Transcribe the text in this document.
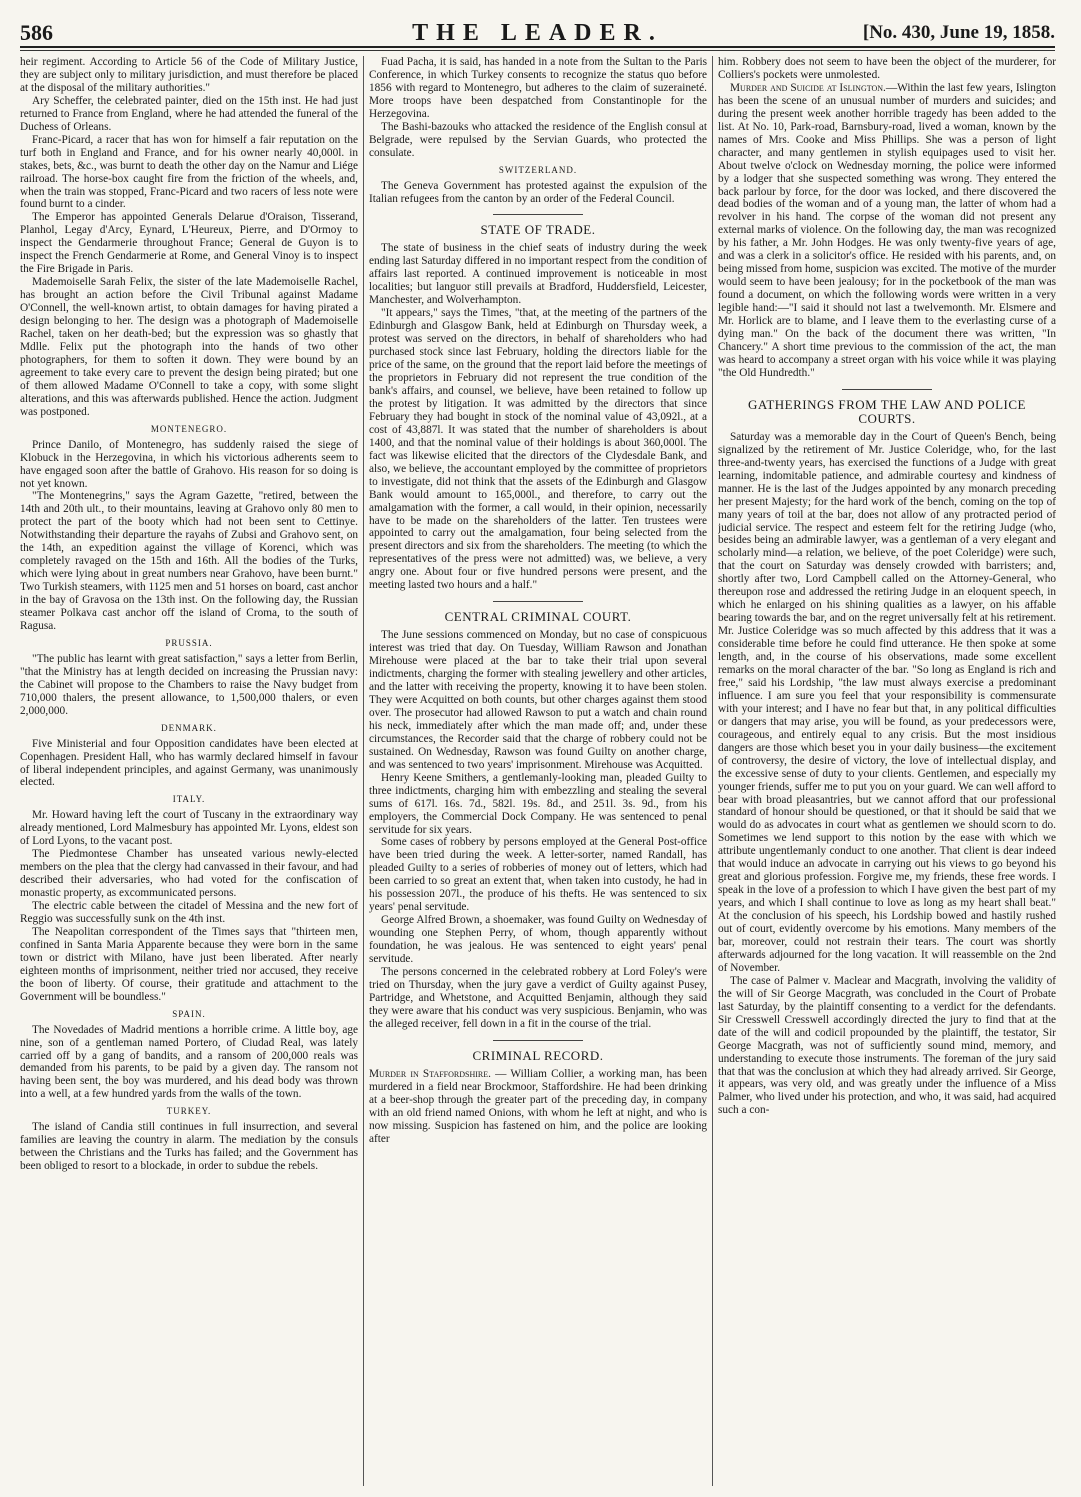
586	THE LEADER.	[No. 430, June 19, 1858.

heir regiment. According to Article 56 of the Code of Military Justice, they are subject only to military jurisdiction, and must therefore be placed at the disposal of the military authorities."

Ary Scheffer, the celebrated painter, died on the 15th inst. He had just returned to France from England, where he had attended the funeral of the Duchess of Orleans.

Franc-Picard, a racer that has won for himself a fair reputation on the turf both in England and France, and for his owner nearly 40,000l. in stakes, bets, &c., was burnt to death the other day on the Namur and Liége railroad. The horse-box caught fire from the friction of the wheels, and, when the train was stopped, Franc-Picard and two racers of less note were found burnt to a cinder.

The Emperor has appointed Generals Delarue d'Oraison, Tisserand, Planhol, Legay d'Arcy, Eynard, L'Heureux, Pierre, and D'Ormoy to inspect the Gendarmerie throughout France; General de Guyon is to inspect the French Gendarmerie at Rome, and General Vinoy is to inspect the Fire Brigade in Paris.

Mademoiselle Sarah Felix, the sister of the late Mademoiselle Rachel, has brought an action before the Civil Tribunal against Madame O'Connell, the well-known artist, to obtain damages for having pirated a design belonging to her. The design was a photograph of Mademoiselle Rachel, taken on her death-bed; but the expression was so ghastly that Mdlle. Felix put the photograph into the hands of two other photographers, for them to soften it down. They were bound by an agreement to take every care to prevent the design being pirated; but one of them allowed Madame O'Connell to take a copy, with some slight alterations, and this was afterwards published. Hence the action. Judgment was postponed.

MONTENEGRO.

Prince Danilo, of Montenegro, has suddenly raised the siege of Klobuck in the Herzegovina, in which his victorious adherents seem to have engaged soon after the battle of Grahovo. His reason for so doing is not yet known.

"The Montenegrins," says the Agram Gazette, "retired, between the 14th and 20th ult., to their mountains, leaving at Grahovo only 80 men to protect the part of the booty which had not been sent to Cettinye. Notwithstanding their departure the rayahs of Zubsi and Grahovo sent, on the 14th, an expedition against the village of Korenci, which was completely ravaged on the 15th and 16th. All the bodies of the Turks, which were lying about in great numbers near Grahovo, have been burnt." Two Turkish steamers, with 1125 men and 51 horses on board, cast anchor in the bay of Gravosa on the 13th inst. On the following day, the Russian steamer Polkava cast anchor off the island of Croma, to the south of Ragusa.

PRUSSIA.

"The public has learnt with great satisfaction," says a letter from Berlin, "that the Ministry has at length decided on increasing the Prussian navy: the Cabinet will propose to the Chambers to raise the Navy budget from 710,000 thalers, the present allowance, to 1,500,000 thalers, or even 2,000,000.

DENMARK.

Five Ministerial and four Opposition candidates have been elected at Copenhagen. President Hall, who has warmly declared himself in favour of liberal independent principles, and against Germany, was unanimously elected.

ITALY.

Mr. Howard having left the court of Tuscany in the extraordinary way already mentioned, Lord Malmesbury has appointed Mr. Lyons, eldest son of Lord Lyons, to the vacant post.

The Piedmontese Chamber has unseated various newly-elected members on the plea that the clergy had canvassed in their favour, and had described their adversaries, who had voted for the confiscation of monastic property, as excommunicated persons.

The electric cable between the citadel of Messina and the new fort of Reggio was successfully sunk on the 4th inst.

The Neapolitan correspondent of the Times says that "thirteen men, confined in Santa Maria Apparente because they were born in the same town or district with Milano, have just been liberated. After nearly eighteen months of imprisonment, neither tried nor accused, they receive the boon of liberty. Of course, their gratitude and attachment to the Government will be boundless."

SPAIN.

The Novedades of Madrid mentions a horrible crime. A little boy, age nine, son of a gentleman named Portero, of Ciudad Real, was lately carried off by a gang of bandits, and a ransom of 200,000 reals was demanded from his parents, to be paid by a given day. The ransom not having been sent, the boy was murdered, and his dead body was thrown into a well, at a few hundred yards from the walls of the town.

TURKEY.

The island of Candia still continues in full insurrection, and several families are leaving the country in alarm. The mediation by the consuls between the Christians and the Turks has failed; and the Government has been obliged to resort to a blockade, in order to subdue the rebels.

Fuad Pacha, it is said, has handed in a note from the Sultan to the Paris Conference, in which Turkey consents to recognize the status quo before 1856 with regard to Montenegro, but adheres to the claim of suzeraineté. More troops have been despatched from Constantinople for the Herzegovina.

The Bashi-bazouks who attacked the residence of the English consul at Belgrade, were repulsed by the Servian Guards, who protected the consulate.

SWITZERLAND.

The Geneva Government has protested against the expulsion of the Italian refugees from the canton by an order of the Federal Council.

STATE OF TRADE.

The state of business in the chief seats of industry during the week ending last Saturday differed in no important respect from the condition of affairs last reported. A continued improvement is noticeable in most localities; but languor still prevails at Bradford, Huddersfield, Leicester, Manchester, and Wolverhampton.

"It appears," says the Times, "that, at the meeting of the partners of the Edinburgh and Glasgow Bank, held at Edinburgh on Thursday week, a protest was served on the directors, in behalf of shareholders who had purchased stock since last February, holding the directors liable for the price of the same, on the ground that the report laid before the meetings of the proprietors in February did not represent the true condition of the bank's affairs, and counsel, we believe, have been retained to follow up the protest by litigation. It was admitted by the directors that since February they had bought in stock of the nominal value of 43,092l., at a cost of 43,887l. It was stated that the number of shareholders is about 1400, and that the nominal value of their holdings is about 360,000l. The fact was likewise elicited that the directors of the Clydesdale Bank, and also, we believe, the accountant employed by the committee of proprietors to investigate, did not think that the assets of the Edinburgh and Glasgow Bank would amount to 165,000l., and therefore, to carry out the amalgamation with the former, a call would, in their opinion, necessarily have to be made on the shareholders of the latter. Ten trustees were appointed to carry out the amalgamation, four being selected from the present directors and six from the shareholders. The meeting (to which the representatives of the press were not admitted) was, we believe, a very angry one. About four or five hundred persons were present, and the meeting lasted two hours and a half."

CENTRAL CRIMINAL COURT.

The June sessions commenced on Monday, but no case of conspicuous interest was tried that day. On Tuesday, William Rawson and Jonathan Mirehouse were placed at the bar to take their trial upon several indictments, charging the former with stealing jewellery and other articles, and the latter with receiving the property, knowing it to have been stolen. They were Acquitted on both counts, but other charges against them stood over. The prosecutor had allowed Rawson to put a watch and chain round his neck, immediately after which the man made off; and, under these circumstances, the Recorder said that the charge of robbery could not be sustained. On Wednesday, Rawson was found Guilty on another charge, and was sentenced to two years' imprisonment. Mirehouse was Acquitted.

Henry Keene Smithers, a gentlemanly-looking man, pleaded Guilty to three indictments, charging him with embezzling and stealing the several sums of 617l. 16s. 7d., 582l. 19s. 8d., and 251l. 3s. 9d., from his employers, the Commercial Dock Company. He was sentenced to penal servitude for six years.

Some cases of robbery by persons employed at the General Post-office have been tried during the week. A letter-sorter, named Randall, has pleaded Guilty to a series of robberies of money out of letters, which had been carried to so great an extent that, when taken into custody, he had in his possession 207l., the produce of his thefts. He was sentenced to six years' penal servitude.

George Alfred Brown, a shoemaker, was found Guilty on Wednesday of wounding one Stephen Perry, of whom, though apparently without foundation, he was jealous. He was sentenced to eight years' penal servitude.

The persons concerned in the celebrated robbery at Lord Foley's were tried on Thursday, when the jury gave a verdict of Guilty against Pusey, Partridge, and Whetstone, and Acquitted Benjamin, although they said they were aware that his conduct was very suspicious. Benjamin, who was the alleged receiver, fell down in a fit in the course of the trial.

CRIMINAL RECORD.

Murder in Staffordshire. — William Collier, a working man, has been murdered in a field near Brockmoor, Staffordshire. He had been drinking at a beer-shop through the greater part of the preceding day, in company with an old friend named Onions, with whom he left at night, and who is now missing. Suspicion has fastened on him, and the police are looking after

him. Robbery does not seem to have been the object of the murderer, for Colliers's pockets were unmolested.

Murder and Suicide at Islington.—Within the last few years, Islington has been the scene of an unusual number of murders and suicides; and during the present week another horrible tragedy has been added to the list. At No. 10, Park-road, Barnsbury-road, lived a woman, known by the names of Mrs. Cooke and Miss Phillips. She was a person of light character, and many gentlemen in stylish equipages used to visit her. About twelve o'clock on Wednesday morning, the police were informed by a lodger that she suspected something was wrong. They entered the back parlour by force, for the door was locked, and there discovered the dead bodies of the woman and of a young man, the latter of whom had a revolver in his hand. The corpse of the woman did not present any external marks of violence. On the following day, the man was recognized by his father, a Mr. John Hodges. He was only twenty-five years of age, and was a clerk in a solicitor's office. He resided with his parents, and, on being missed from home, suspicion was excited. The motive of the murder would seem to have been jealousy; for in the pocketbook of the man was found a document, on which the following words were written in a very legible hand:—"I said it should not last a twelvemonth. Mr. Elsmere and Mr. Horlick are to blame, and I leave them to the everlasting curse of a dying man." On the back of the document there was written, "In Chancery." A short time previous to the commission of the act, the man was heard to accompany a street organ with his voice while it was playing "the Old Hundredth."

GATHERINGS FROM THE LAW AND POLICE COURTS.

Saturday was a memorable day in the Court of Queen's Bench, being signalized by the retirement of Mr. Justice Coleridge, who, for the last three-and-twenty years, has exercised the functions of a Judge with great learning, indomitable patience, and admirable courtesy and kindness of manner. He is the last of the Judges appointed by any monarch preceding her present Majesty; for the hard work of the bench, coming on the top of many years of toil at the bar, does not allow of any protracted period of judicial service. The respect and esteem felt for the retiring Judge (who, besides being an admirable lawyer, was a gentleman of a very elegant and scholarly mind—a relation, we believe, of the poet Coleridge) were such, that the court on Saturday was densely crowded with barristers; and, shortly after two, Lord Campbell called on the Attorney-General, who thereupon rose and addressed the retiring Judge in an eloquent speech, in which he enlarged on his shining qualities as a lawyer, on his affable bearing towards the bar, and on the regret universally felt at his retirement. Mr. Justice Coleridge was so much affected by this address that it was a considerable time before he could find utterance. He then spoke at some length, and, in the course of his observations, made some excellent remarks on the moral character of the bar. "So long as England is rich and free," said his Lordship, "the law must always exercise a predominant influence. I am sure you feel that your responsibility is commensurate with your interest; and I have no fear but that, in any political difficulties or dangers that may arise, you will be found, as your predecessors were, courageous, and entirely equal to any crisis. But the most insidious dangers are those which beset you in your daily business—the excitement of controversy, the desire of victory, the love of intellectual display, and the excessive sense of duty to your clients. Gentlemen, and especially my younger friends, suffer me to put you on your guard. We can well afford to bear with broad pleasantries, but we cannot afford that our professional standard of honour should be questioned, or that it should be said that we would do as advocates in court what as gentlemen we should scorn to do. Sometimes we lend support to this notion by the ease with which we attribute ungentlemanly conduct to one another. That client is dear indeed that would induce an advocate in carrying out his views to go beyond his great and glorious profession. Forgive me, my friends, these free words. I speak in the love of a profession to which I have given the best part of my years, and which I shall continue to love as long as my heart shall beat." At the conclusion of his speech, his Lordship bowed and hastily rushed out of court, evidently overcome by his emotions. Many members of the bar, moreover, could not restrain their tears. The court was shortly afterwards adjourned for the long vacation. It will reassemble on the 2nd of November.

The case of Palmer v. Maclear and Macgrath, involving the validity of the will of Sir George Macgrath, was concluded in the Court of Probate last Saturday, by the plaintiff consenting to a verdict for the defendants. Sir Cresswell Cresswell accordingly directed the jury to find that at the date of the will and codicil propounded by the plaintiff, the testator, Sir George Macgrath, was not of sufficiently sound mind, memory, and understanding to execute those instruments. The foreman of the jury said that that was the conclusion at which they had already arrived. Sir George, it appears, was very old, and was greatly under the influence of a Miss Palmer, who lived under his protection, and who, it was said, had acquired such a con-
